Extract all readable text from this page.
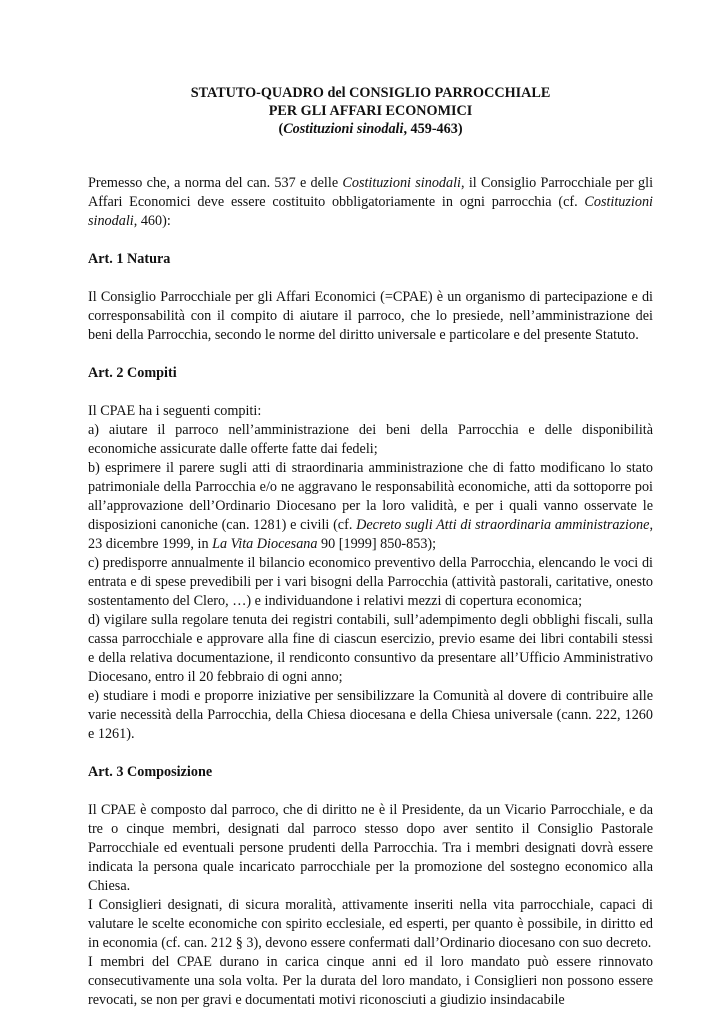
STATUTO-QUADRO del CONSIGLIO PARROCCHIALE
PER GLI AFFARI ECONOMICI
(Costituzioni sinodali, 459-463)

Premesso che, a norma del can. 537 e delle Costituzioni sinodali, il Consiglio Parrocchiale per gli Affari Economici deve essere costituito obbligatoriamente in ogni parrocchia (cf. Costituzioni sinodali, 460):

Art. 1 Natura

Il Consiglio Parrocchiale per gli Affari Economici (=CPAE) è un organismo di partecipazione e di corresponsabilità con il compito di aiutare il parroco, che lo presiede, nell’amministrazione dei beni della Parrocchia, secondo le norme del diritto universale e particolare e del presente Statuto.

Art. 2 Compiti

Il CPAE ha i seguenti compiti:

a) aiutare il parroco nell’amministrazione dei beni della Parrocchia e delle disponibilità economiche assicurate dalle offerte fatte dai fedeli;

b) esprimere il parere sugli atti di straordinaria amministrazione che di fatto modificano lo stato patrimoniale della Parrocchia e/o ne aggravano le responsabilità economiche, atti da sottoporre poi all’approvazione dell’Ordinario Diocesano per la loro validità, e per i quali vanno osservate le disposizioni canoniche (can. 1281) e civili (cf. Decreto sugli Atti di straordinaria amministrazione, 23 dicembre 1999, in La Vita Diocesana 90 [1999] 850-853);

c) predisporre annualmente il bilancio economico preventivo della Parrocchia, elencando le voci di entrata e di spese prevedibili per i vari bisogni della Parrocchia (attività pastorali, caritative, onesto sostentamento del Clero, …) e individuandone i relativi mezzi di copertura economica;

d) vigilare sulla regolare tenuta dei registri contabili, sull’adempimento degli obblighi fiscali, sulla cassa parrocchiale e approvare alla fine di ciascun esercizio, previo esame dei libri contabili stessi e della relativa documentazione, il rendiconto consuntivo da presentare all’Ufficio Amministrativo Diocesano, entro il 20 febbraio di ogni anno;

e) studiare i modi e proporre iniziative per sensibilizzare la Comunità al dovere di contribuire alle varie necessità della Parrocchia, della Chiesa diocesana e della Chiesa universale (cann. 222, 1260 e 1261).

Art. 3 Composizione

Il CPAE è composto dal parroco, che di diritto ne è il Presidente, da un Vicario Parrocchiale, e da tre o cinque membri, designati dal parroco stesso dopo aver sentito il Consiglio Pastorale Parrocchiale ed eventuali persone prudenti della Parrocchia. Tra i membri designati dovrà essere indicata la persona quale incaricato parrocchiale per la promozione del sostegno economico alla Chiesa.

I Consiglieri designati, di sicura moralità, attivamente inseriti nella vita parrocchiale, capaci di valutare le scelte economiche con spirito ecclesiale, ed esperti, per quanto è possibile, in diritto ed in economia (cf. can. 212 § 3), devono essere confermati dall’Ordinario diocesano con suo decreto.

I membri del CPAE durano in carica cinque anni ed il loro mandato può essere rinnovato consecutivamente una sola volta. Per la durata del loro mandato, i Consiglieri non possono essere revocati, se non per gravi e documentati motivi riconosciuti a giudizio insindacabile
